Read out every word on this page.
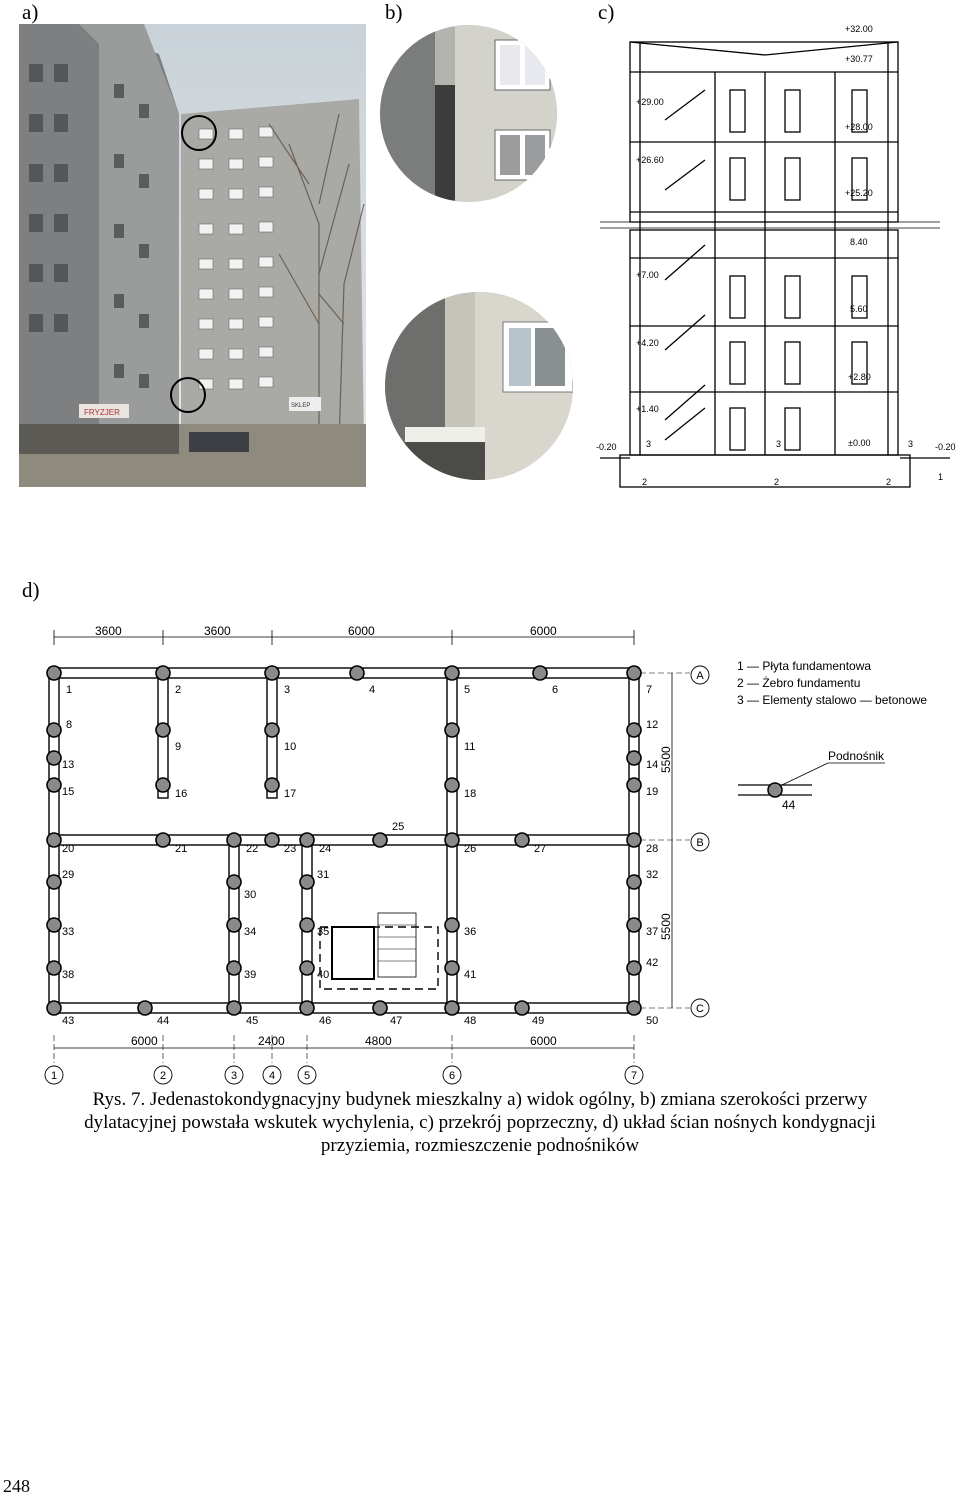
a)	b)	c)
d)
FRYZJER
SKLEP
+32.00
+30.77
+29.00
+28.00
+26.60
+25.20
8.40
+7.00
5.60
+4.20
+2.80
+1.40
-0.20	±0.00	-0.20
3	3	3
2	2	2	1
1	2	3	4	5	6	7
A
B
C
1	2	3	4	5	6	7
8
9	10	11
12
13	14
15	16	17	18	19
20	21	22 23 24
25
26	27	28
29
30
31	32
33	34	35	36	37
38	39	40	41
42
43	44	45	46	47	48	49	50
3600	3600	6000	6000
6000	2400	4800	6000
5500
5500
1 — Płyta fundamentowa
2 — Żebro fundamentu
3 — Elementy stalowo — betonowe
Podnośnik
44
Rys. 7. Jedenastokondygnacyjny budynek mieszkalny a) widok ogólny, b) zmiana szerokości przerwy
dylatacyjnej powstała wskutek wychylenia, c) przekrój poprzeczny, d) układ ścian nośnych kondygnacji
przyziemia, rozmieszczenie podnośników
248
